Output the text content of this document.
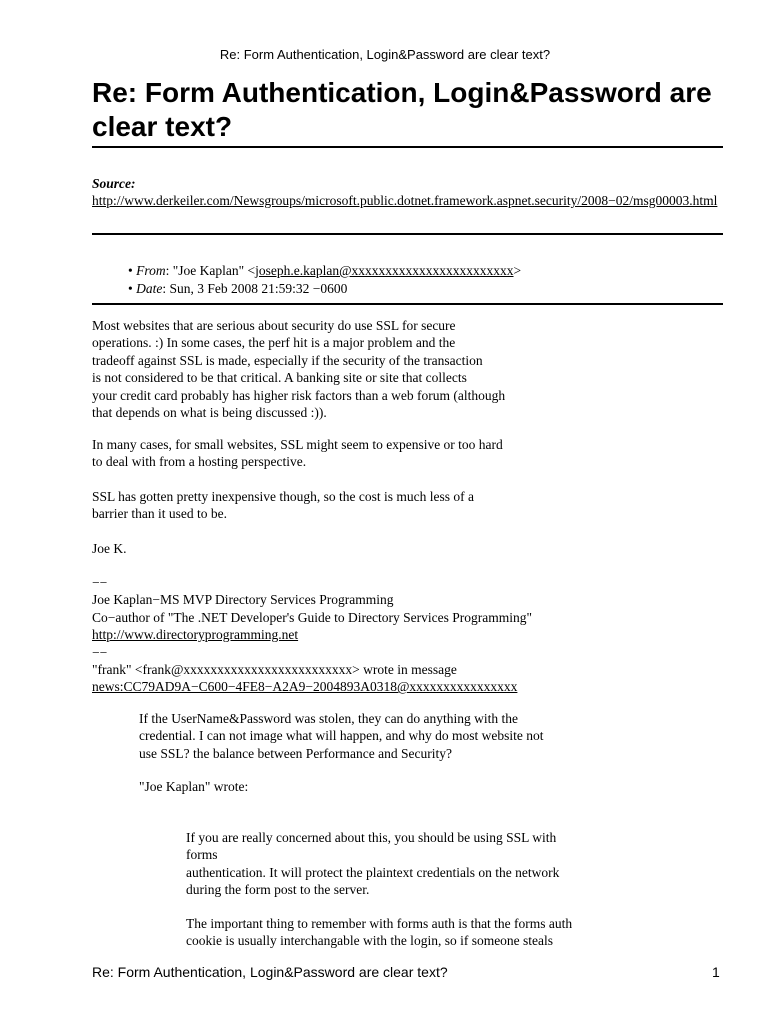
Re: Form Authentication, Login&Password are clear text?
Re: Form Authentication, Login&Password are clear text?
Source:
http://www.derkeiler.com/Newsgroups/microsoft.public.dotnet.framework.aspnet.security/2008−02/msg00003.html
• From: "Joe Kaplan" <joseph.e.kaplan@xxxxxxxxxxxxxxxxxxxxxxxx>
• Date: Sun, 3 Feb 2008 21:59:32 −0600
Most websites that are serious about security do use SSL for secure
operations. :) In some cases, the perf hit is a major problem and the
tradeoff against SSL is made, especially if the security of the transaction
is not considered to be that critical. A banking site or site that collects
your credit card probably has higher risk factors than a web forum (although
that depends on what is being discussed :)).
In many cases, for small websites, SSL might seem to expensive or too hard
to deal with from a hosting perspective.
SSL has gotten pretty inexpensive though, so the cost is much less of a
barrier than it used to be.
Joe K.
−−
Joe Kaplan−MS MVP Directory Services Programming
Co−author of "The .NET Developer's Guide to Directory Services Programming"
http://www.directoryprogramming.net
−−
"frank" <frank@xxxxxxxxxxxxxxxxxxxxxxxxx> wrote in message
news:CC79AD9A−C600−4FE8−A2A9−2004893A0318@xxxxxxxxxxxxxxxx
If the UserName&Password was stolen, they can do anything with the
credential. I can not image what will happen, and why do most website not
use SSL? the balance between Performance and Security?
"Joe Kaplan" wrote:
If you are really concerned about this, you should be using SSL with
forms
authentication. It will protect the plaintext credentials on the network
during the form post to the server.
The important thing to remember with forms auth is that the forms auth
cookie is usually interchangable with the login, so if someone steals
Re: Form Authentication, Login&Password are clear text?	1
